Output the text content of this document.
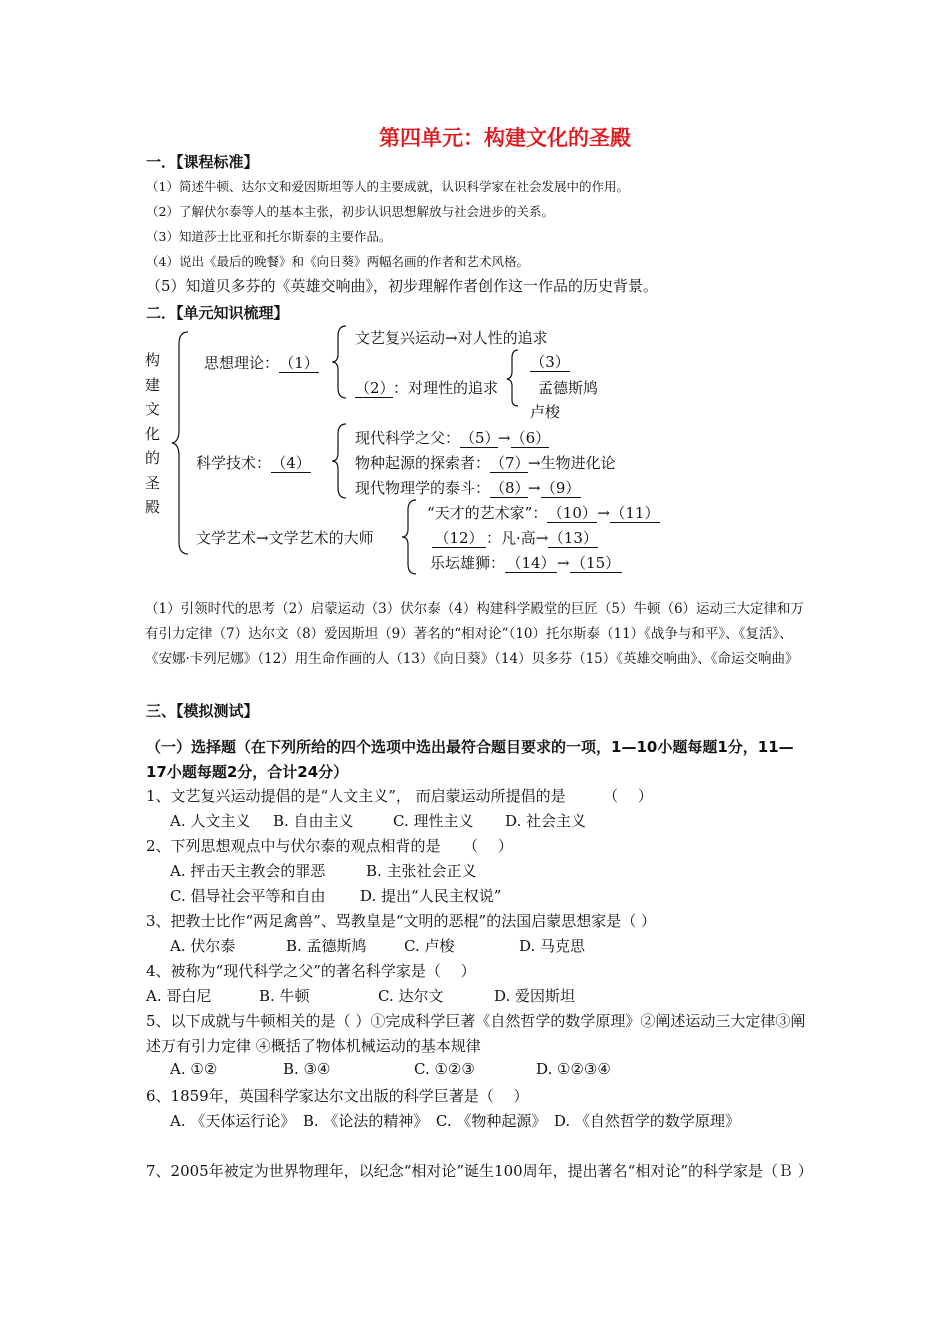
第四单元：构建文化的圣殿
一．【课程标准】
（1）简述牛顿、达尔文和爱因斯坦等人的主要成就，认识科学家在社会发展中的作用。
（2）了解伏尔泰等人的基本主张，初步认识思想解放与社会进步的关系。
（3）知道莎士比亚和托尔斯泰的主要作品。
（4）说出《最后的晚餐》和《向日葵》两幅名画的作者和艺术风格。
（5）知道贝多芬的《英雄交响曲》，初步理解作者创作这一作品的历史背景。
二．【单元知识梳理】
构
建
文
化
的
圣
殿
思想理论：（1）
文艺复兴运动→对人性的追求
（2）：对理性的追求
（3）
孟德斯鸠
卢梭
科学技术：（4）
现代科学之父：（5）→（6）
物种起源的探索者：（7）→生物进化论
现代物理学的泰斗：（8）→（9）
文学艺术→文学艺术的大师
“天才的艺术家”：（10）→（11）
（12） ：凡·高→（13）
乐坛雄狮：（14）→（15）
（1）引领时代的思考（2）启蒙运动（3）伏尔泰（4）构建科学殿堂的巨匠（5）牛顿（6）运动三大定律和万有引力定律（7）达尔文（8）爱因斯坦（9）著名的“相对论”（10）托尔斯泰（11）《战争与和平》、《复活》、《安娜·卡列尼娜》（12）用生命作画的人（13）《向日葵》（14）贝多芬（15）《英雄交响曲》、《命运交响曲》
三、【模拟测试】
（一）选择题（在下列所给的四个选项中选出最符合题目要求的一项，1—10小题每题1分，11—17小题每题2分，合计24分）
1、文艺复兴运动提倡的是“人文主义”， 而启蒙运动所提倡的是　　　（　 ）
A. 人文主义 B. 自由主义	C. 理性主义 D. 社会主义
2、下列思想观点中与伏尔泰的观点相背的是　　（　 ）
A. 抨击天主教会的罪恶	B. 主张社会正义
C. 倡导社会平等和自由 D. 提出“人民主权说”
3、把教士比作“两足禽兽”、骂教皇是“文明的恶棍”的法国启蒙思想家是（ ）
A. 伏尔泰	B. 孟德斯鸠 C. 卢梭	D. 马克思
4、被称为“现代科学之父”的著名科学家是（　 ）
A. 哥白尼	B. 牛顿	C. 达尔文	D. 爱因斯坦
5、以下成就与牛顿相关的是（ ）①完成科学巨著《自然哲学的数学原理》②阐述运动三大定律③阐述万有引力定律 ④概括了物体机械运动的基本规律
A. ①②	B. ③④	C. ①②③	D. ①②③④
6、1859年，英国科学家达尔文出版的科学巨著是（　 ）
A. 《天体运行论》　B. 《论法的精神》　C. 《物种起源》　D. 《自然哲学的数学原理》
7、2005年被定为世界物理年，以纪念“相对论”诞生100周年，提出著名“相对论”的科学家是（Ｂ ）
